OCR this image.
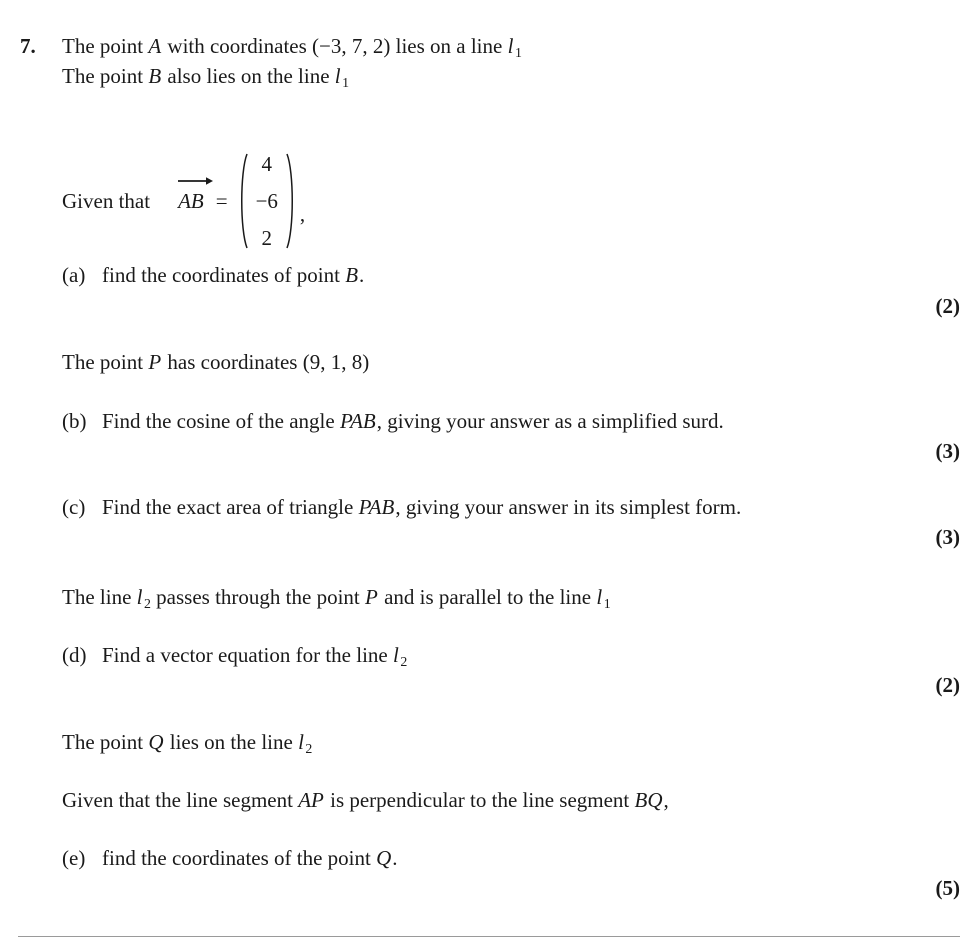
7. The point A with coordinates (−3, 7, 2) lies on a line l $_1$
The point B also lies on the line l $_1$
Given that AB =
4
−6
2
,
(a) find the coordinates of point B.
(2)
The point P has coordinates (9, 1, 8)
(b) Find the cosine of the angle PAB, giving your answer as a simplified surd.
(3)
(c) Find the exact area of triangle PAB, giving your answer in its simplest form.
(3)
The line l $_2$ passes through the point P and is parallel to the line l $_1$
(d) Find a vector equation for the line l $_2$
(2)
The point Q lies on the line l $_2$
Given that the line segment AP is perpendicular to the line segment BQ,
(e) find the coordinates of the point Q.
(5)
